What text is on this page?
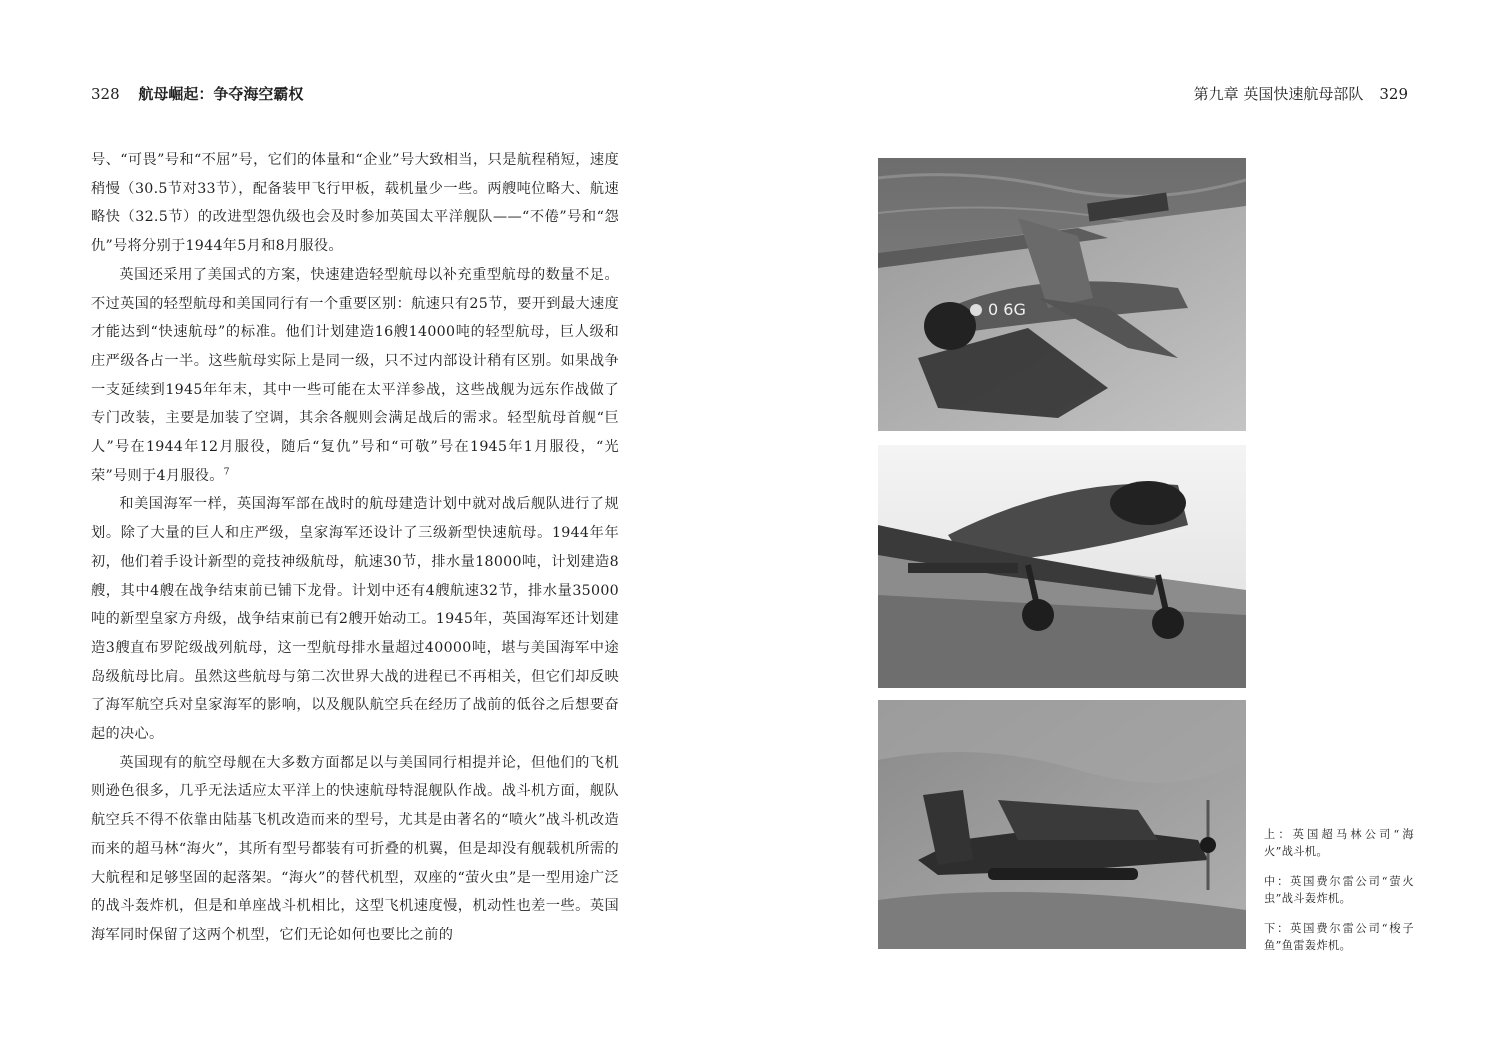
328 航母崛起：争夺海空霸权

号、“可畏”号和“不屈”号，它们的体量和“企业”号大致相当，只是航程稍短，速度稍慢（30.5节对33节），配备装甲飞行甲板，载机量少一些。两艘吨位略大、航速略快（32.5节）的改进型怨仇级也会及时参加英国太平洋舰队——“不倦”号和“怨仇”号将分别于1944年5月和8月服役。

英国还采用了美国式的方案，快速建造轻型航母以补充重型航母的数量不足。不过英国的轻型航母和美国同行有一个重要区别：航速只有25节，要开到最大速度才能达到“快速航母”的标准。他们计划建造16艘14000吨的轻型航母，巨人级和庄严级各占一半。这些航母实际上是同一级，只不过内部设计稍有区别。如果战争一支延续到1945年年末，其中一些可能在太平洋参战，这些战舰为远东作战做了专门改装，主要是加装了空调，其余各舰则会满足战后的需求。轻型航母首舰“巨人”号在1944年12月服役，随后“复仇”号和“可敬”号在1945年1月服役，“光荣”号则于4月服役。$^7$

和美国海军一样，英国海军部在战时的航母建造计划中就对战后舰队进行了规划。除了大量的巨人和庄严级，皇家海军还设计了三级新型快速航母。1944年年初，他们着手设计新型的竞技神级航母，航速30节，排水量18000吨，计划建造8艘，其中4艘在战争结束前已铺下龙骨。计划中还有4艘航速32节，排水量35000吨的新型皇家方舟级，战争结束前已有2艘开始动工。1945年，英国海军还计划建造3艘直布罗陀级战列航母，这一型航母排水量超过40000吨，堪与美国海军中途岛级航母比肩。虽然这些航母与第二次世界大战的进程已不再相关，但它们却反映了海军航空兵对皇家海军的影响，以及舰队航空兵在经历了战前的低谷之后想要奋起的决心。

英国现有的航空母舰在大多数方面都足以与美国同行相提并论，但他们的飞机则逊色很多，几乎无法适应太平洋上的快速航母特混舰队作战。战斗机方面，舰队航空兵不得不依靠由陆基飞机改造而来的型号，尤其是由著名的“喷火”战斗机改造而来的超马林“海火”，其所有型号都装有可折叠的机翼，但是却没有舰载机所需的大航程和足够坚固的起落架。“海火”的替代机型，双座的“萤火虫”是一型用途广泛的战斗轰炸机，但是和单座战斗机相比，这型飞机速度慢，机动性也差一些。英国海军同时保留了这两个机型，它们无论如何也要比之前的

第九章 英国快速航母部队 329
0 6G

上：英国超马林公司“海火”战斗机。

中：英国费尔雷公司“萤火虫”战斗轰炸机。

下：英国费尔雷公司“梭子鱼”鱼雷轰炸机。
